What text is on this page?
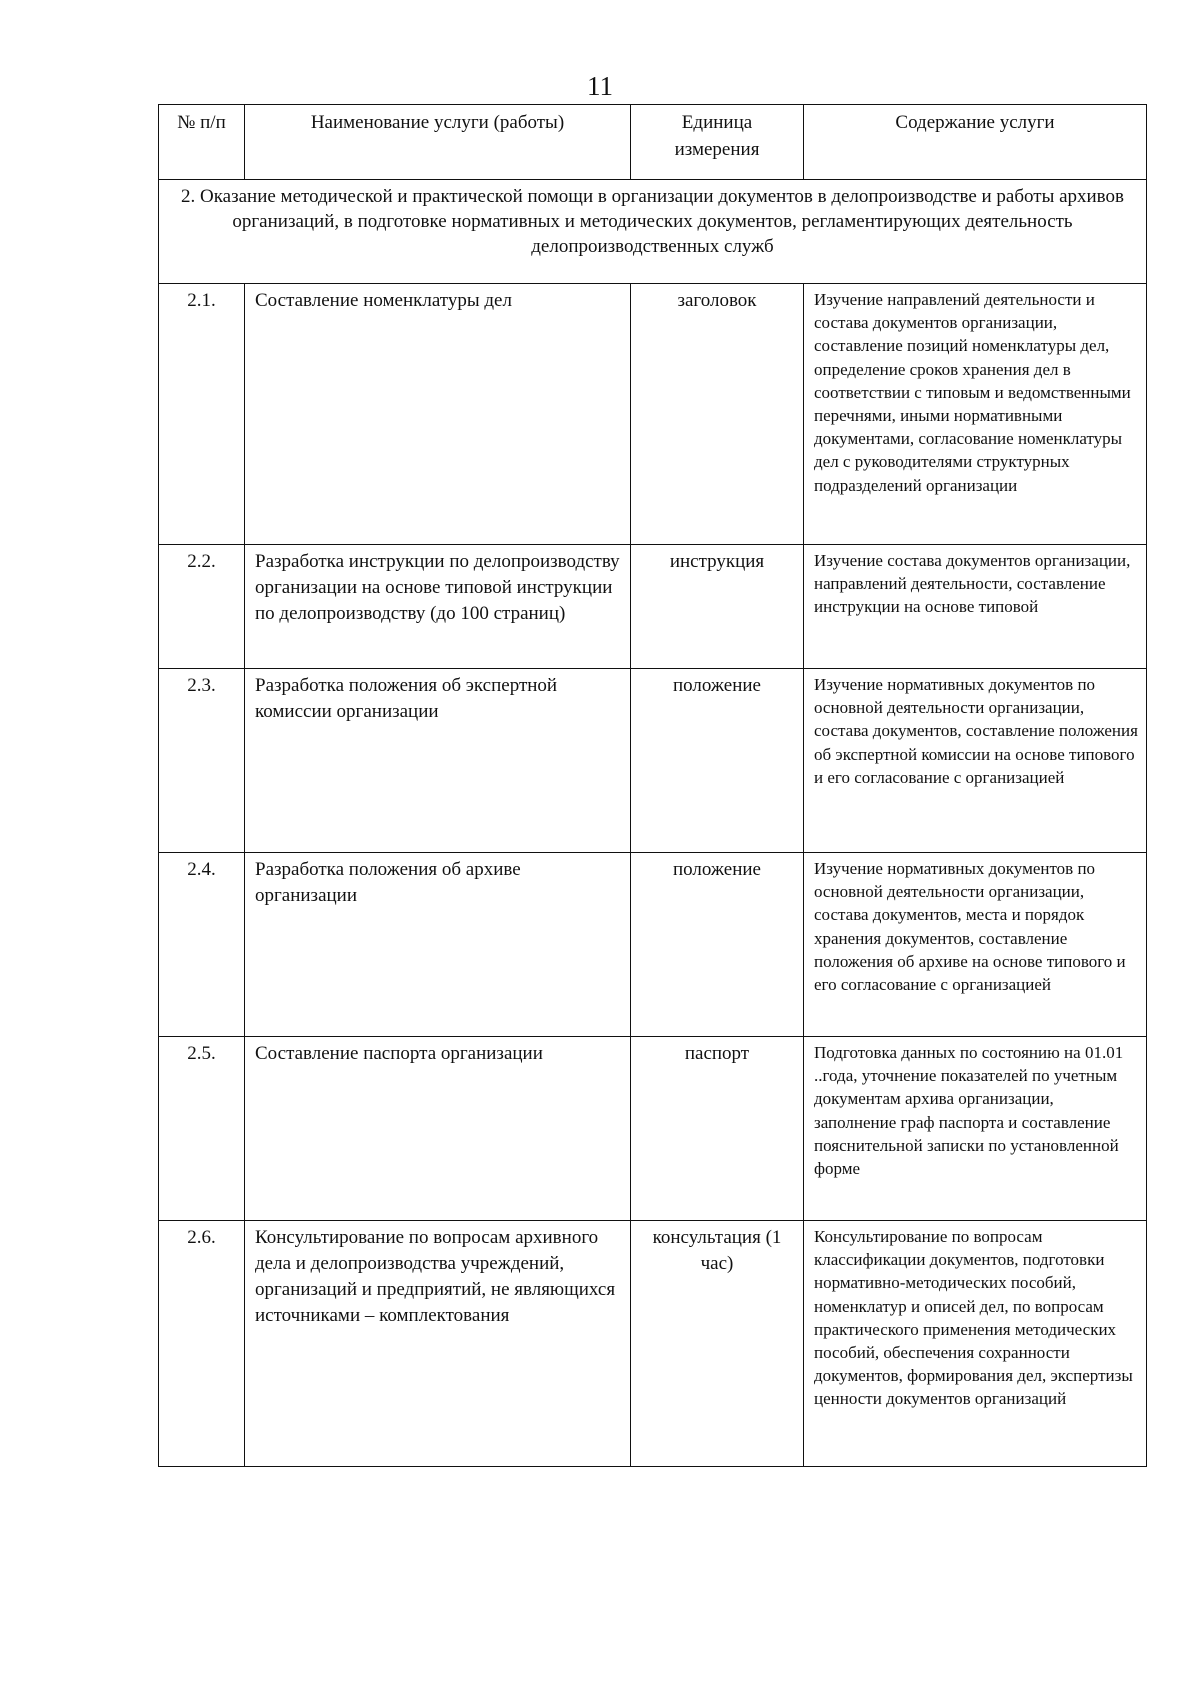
11
№ п/п	Наименование услуги (работы)	Единица измерения	Содержание услуги
2. Оказание методической и практической помощи в организации документов в делопроизводстве и работы архивов организаций, в подготовке нормативных и методических документов, регламентирующих деятельность делопроизводственных служб			
2.1.	Составление номенклатуры дел	заголовок	Изучение направлений деятельности и состава документов организации, составление позиций номенклатуры дел, определение сроков хранения дел в соответствии с типовым и ведомственными перечнями, иными нормативными документами, согласование номенклатуры дел с руководителями структурных подразделений организации
2.2.	Разработка инструкции по делопроизводству организации на основе типовой инструкции по делопроизводству (до 100 страниц)	инструкция	Изучение состава документов организации, направлений деятельности, составление инструкции на основе типовой
2.3.	Разработка положения об экспертной комиссии организации	положение	Изучение нормативных документов по основной деятельности организации, состава документов, составление положения об экспертной комиссии на основе типового и его согласование с организацией
2.4.	Разработка положения об архиве организации	положение	Изучение нормативных документов по основной деятельности организации, состава документов, места и порядок хранения документов, составление положения об архиве на основе типового и его согласование с организацией
2.5.	Составление паспорта организации	паспорт	Подготовка данных по состоянию на 01.01 ..года, уточнение показателей по учетным документам архива организации, заполнение граф паспорта и составление пояснительной записки по установленной форме
2.6.	Консультирование по вопросам архивного дела и делопроизводства учреждений, организаций и предприятий, не являющихся источниками – комплектования	консультация (1 час)	Консультирование по вопросам классификации документов, подготовки нормативно-методических пособий, номенклатур и описей дел, по вопросам практического применения методических пособий, обеспечения сохранности документов, формирования дел, экспертизы ценности документов организаций
